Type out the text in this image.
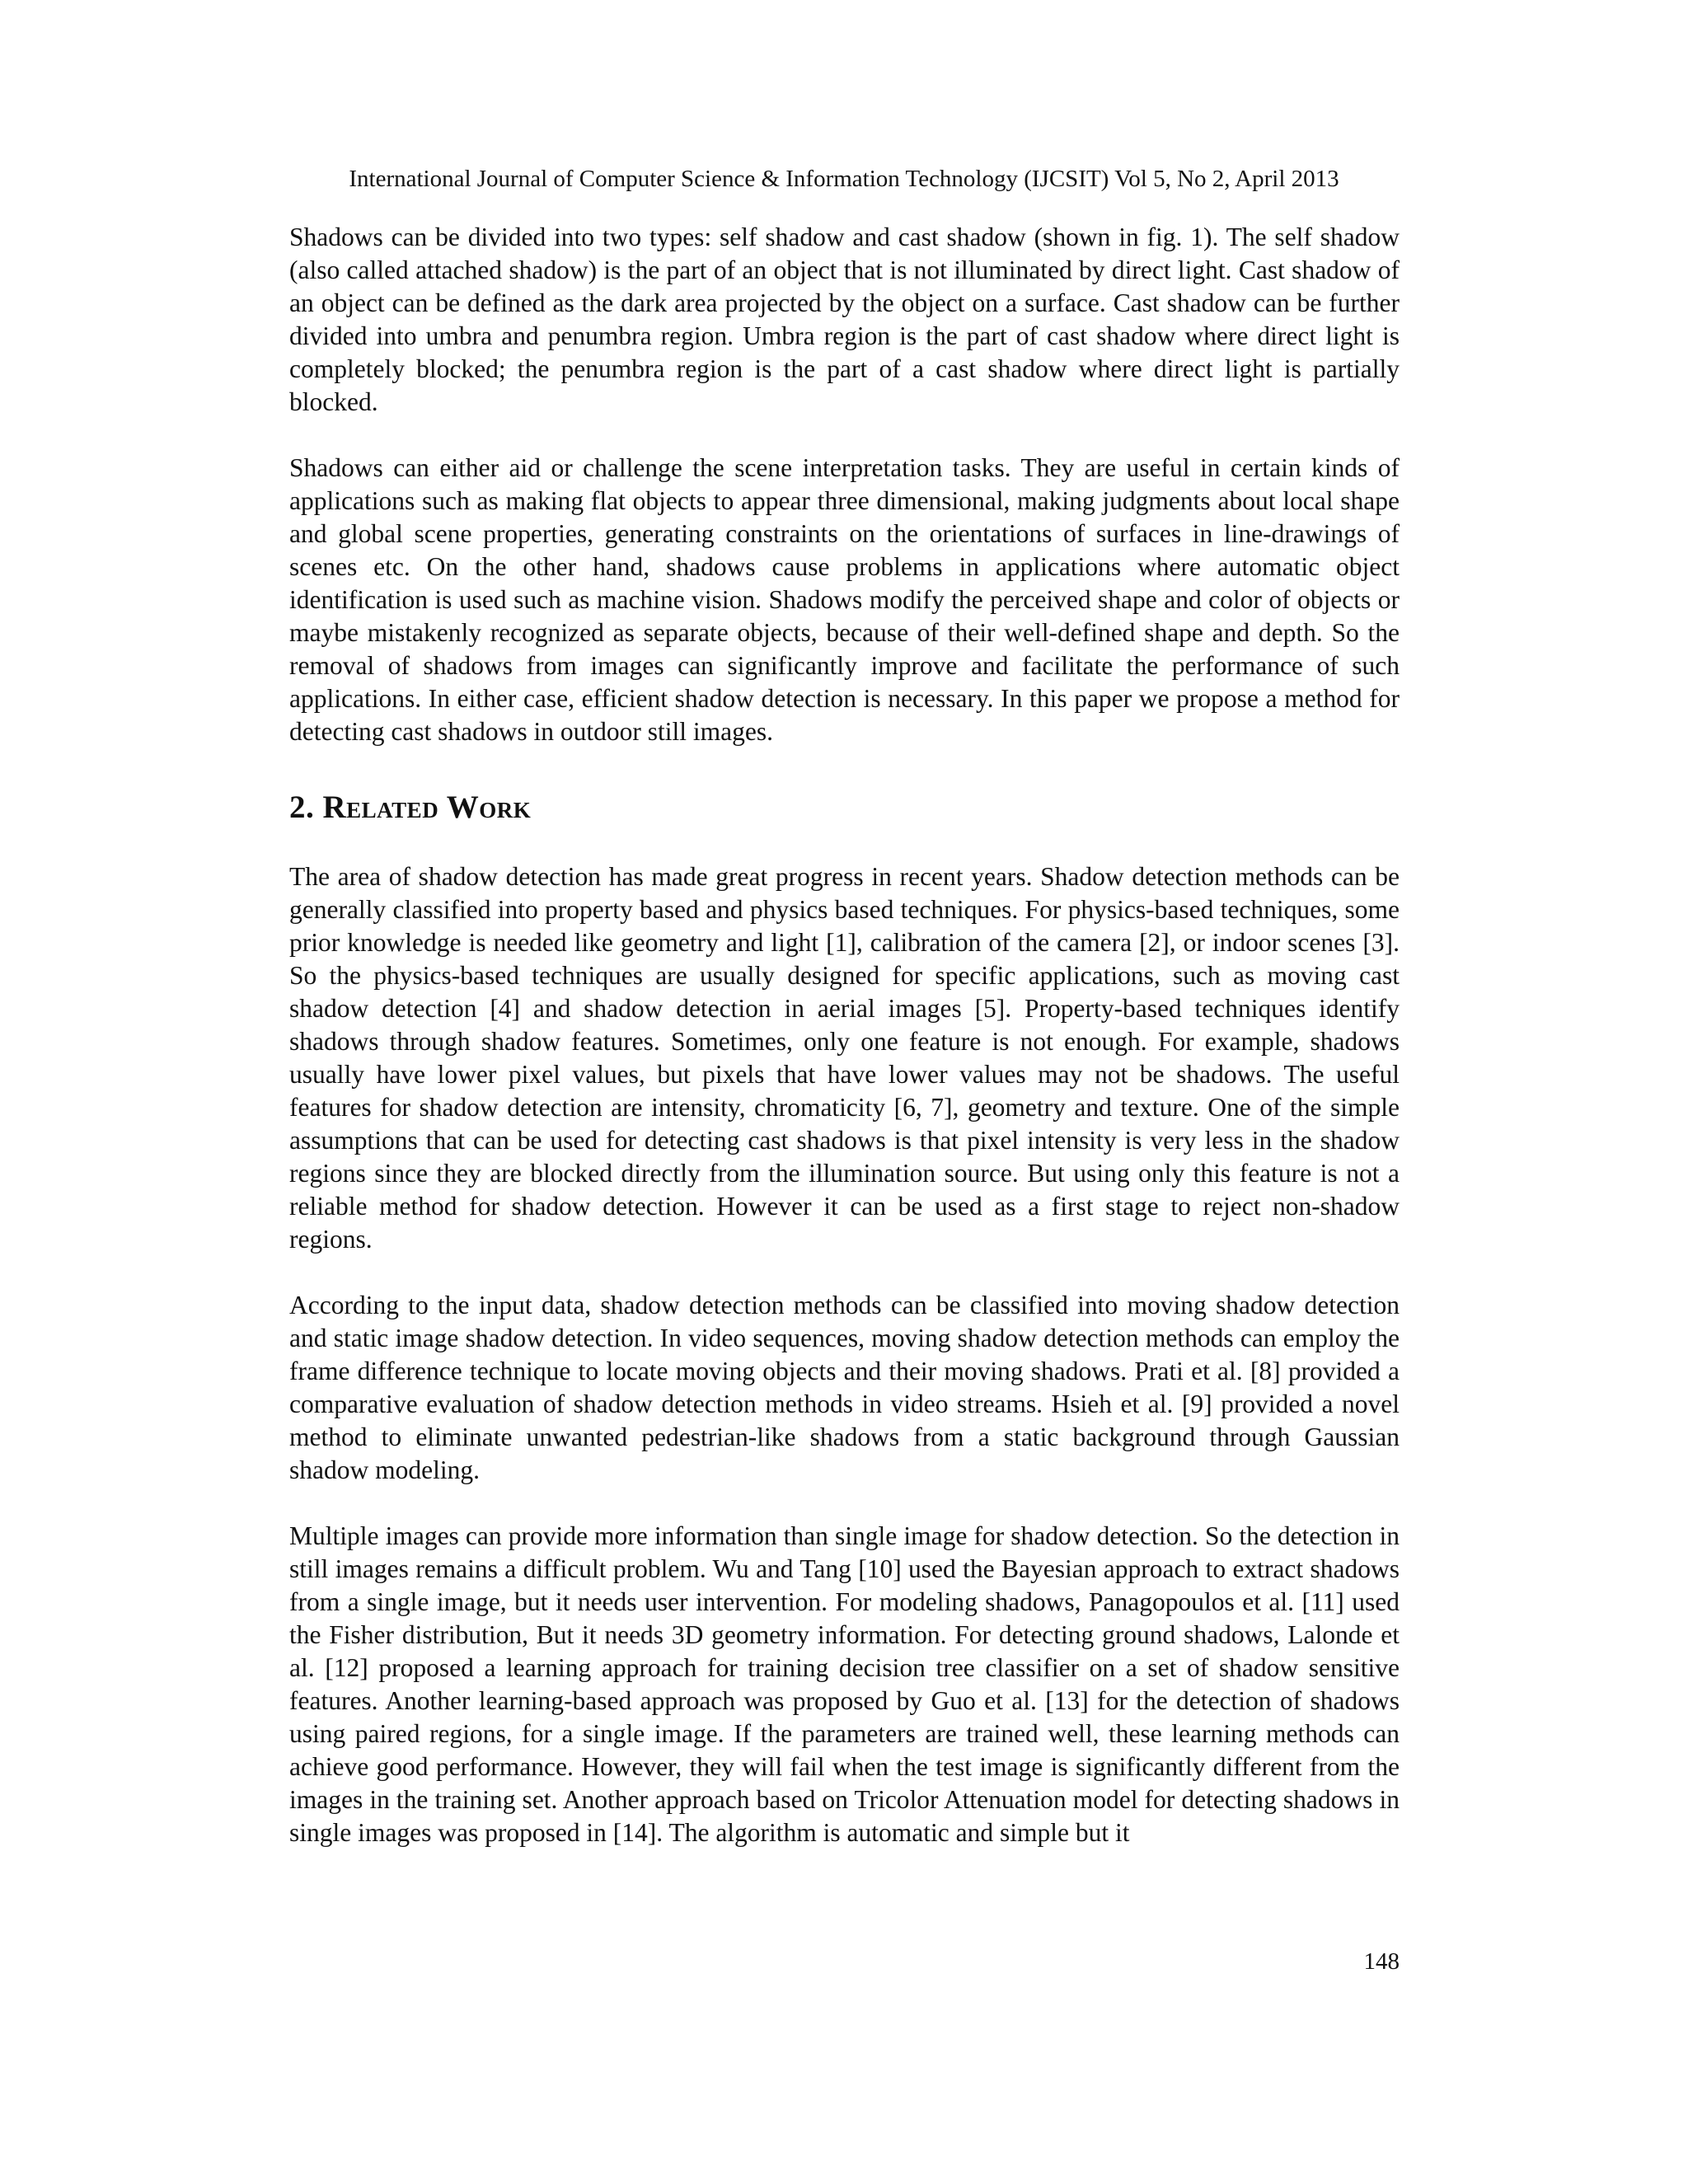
International Journal of Computer Science & Information Technology (IJCSIT) Vol 5, No 2, April 2013

Shadows can be divided into two types: self shadow and cast shadow (shown in fig. 1). The self shadow (also called attached shadow) is the part of an object that is not illuminated by direct light. Cast shadow of an object can be defined as the dark area projected by the object on a surface. Cast shadow can be further divided into umbra and penumbra region. Umbra region is the part of cast shadow where direct light is completely blocked; the penumbra region is the part of a cast shadow where direct light is partially blocked.

Shadows can either aid or challenge the scene interpretation tasks. They are useful in certain kinds of applications such as making flat objects to appear three dimensional, making judgments about local shape and global scene properties, generating constraints on the orientations of surfaces in line-drawings of scenes etc. On the other hand, shadows cause problems in applications where automatic object identification is used such as machine vision. Shadows modify the perceived shape and color of objects or maybe mistakenly recognized as separate objects, because of their well-defined shape and depth. So the removal of shadows from images can significantly improve and facilitate the performance of such applications. In either case, efficient shadow detection is necessary. In this paper we propose a method for detecting cast shadows in outdoor still images.

2. Related Work

The area of shadow detection has made great progress in recent years. Shadow detection methods can be generally classified into property based and physics based techniques. For physics-based techniques, some prior knowledge is needed like geometry and light [1], calibration of the camera [2], or indoor scenes [3]. So the physics-based techniques are usually designed for specific applications, such as moving cast shadow detection [4] and shadow detection in aerial images [5]. Property-based techniques identify shadows through shadow features. Sometimes, only one feature is not enough. For example, shadows usually have lower pixel values, but pixels that have lower values may not be shadows. The useful features for shadow detection are intensity, chromaticity [6, 7], geometry and texture. One of the simple assumptions that can be used for detecting cast shadows is that pixel intensity is very less in the shadow regions since they are blocked directly from the illumination source. But using only this feature is not a reliable method for shadow detection. However it can be used as a first stage to reject non-shadow regions.

According to the input data, shadow detection methods can be classified into moving shadow detection and static image shadow detection. In video sequences, moving shadow detection methods can employ the frame difference technique to locate moving objects and their moving shadows. Prati et al. [8] provided a comparative evaluation of shadow detection methods in video streams. Hsieh et al. [9] provided a novel method to eliminate unwanted pedestrian-like shadows from a static background through Gaussian shadow modeling.

Multiple images can provide more information than single image for shadow detection. So the detection in still images remains a difficult problem. Wu and Tang [10] used the Bayesian approach to extract shadows from a single image, but it needs user intervention. For modeling shadows, Panagopoulos et al. [11] used the Fisher distribution, But it needs 3D geometry information. For detecting ground shadows, Lalonde et al. [12] proposed a learning approach for training decision tree classifier on a set of shadow sensitive features. Another learning-based approach was proposed by Guo et al. [13] for the detection of shadows using paired regions, for a single image. If the parameters are trained well, these learning methods can achieve good performance. However, they will fail when the test image is significantly different from the images in the training set. Another approach based on Tricolor Attenuation model for detecting shadows in single images was proposed in [14]. The algorithm is automatic and simple but it

148
